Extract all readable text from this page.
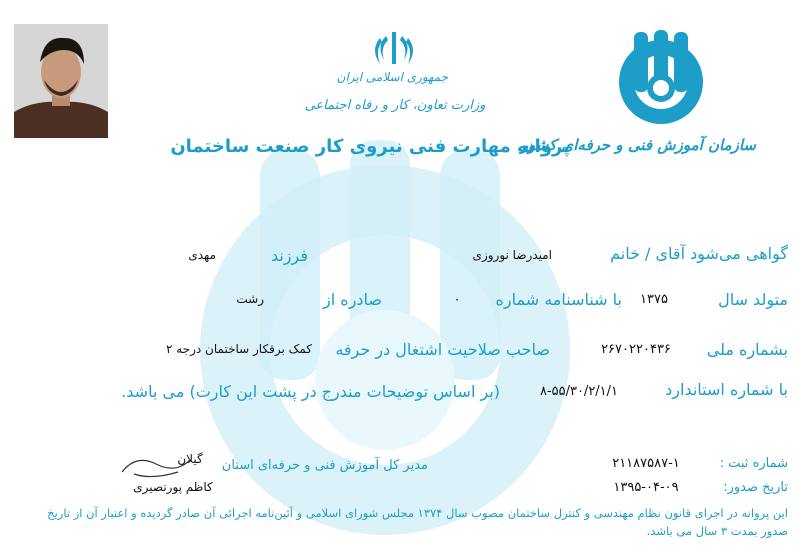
جمهوری اسلامی ایران
وزارت تعاون، کار و رفاه اجتماعی
سازمان آموزش فنی و حرفه‌ای کشور
پروانه مهارت فنی نیروی کار صنعت ساختمان
گواهی می‌شود آقای / خانم
امیدرضا نوروزی
فرزند
مهدی
متولد سال
۱۳۷۵
با شناسنامه شماره
۰
صادره از
رشت
بشماره ملی
۲۶۷۰۲۲۰۴۳۶
صاحب صلاحیت اشتغال در حرفه
کمک برقکار ساختمان درجه ۲
با شماره استاندارد
۸-۵۵/۳۰/۲/۱/۱
(بر اساس توضیحات مندرج در پشت این کارت) می باشد.
گیلان
کاظم پورنصیری
مدیر کل آموزش فنی و حرفه‌ای استان	شماره ثبت :
۲۱۱۸۷۵۸۷-۱
تاریخ صدور:
۱۳۹۵-۰۴-۰۹
این پروانه در اجرای قانون نظام مهندسی و کنترل ساختمان مصوب سال ۱۳۷۴ مجلس شورای اسلامی و آئین‌نامه اجرائی آن صادر گردیده و اعتبار آن از تاریخ صدور بمدت ۳ سال می باشد.
